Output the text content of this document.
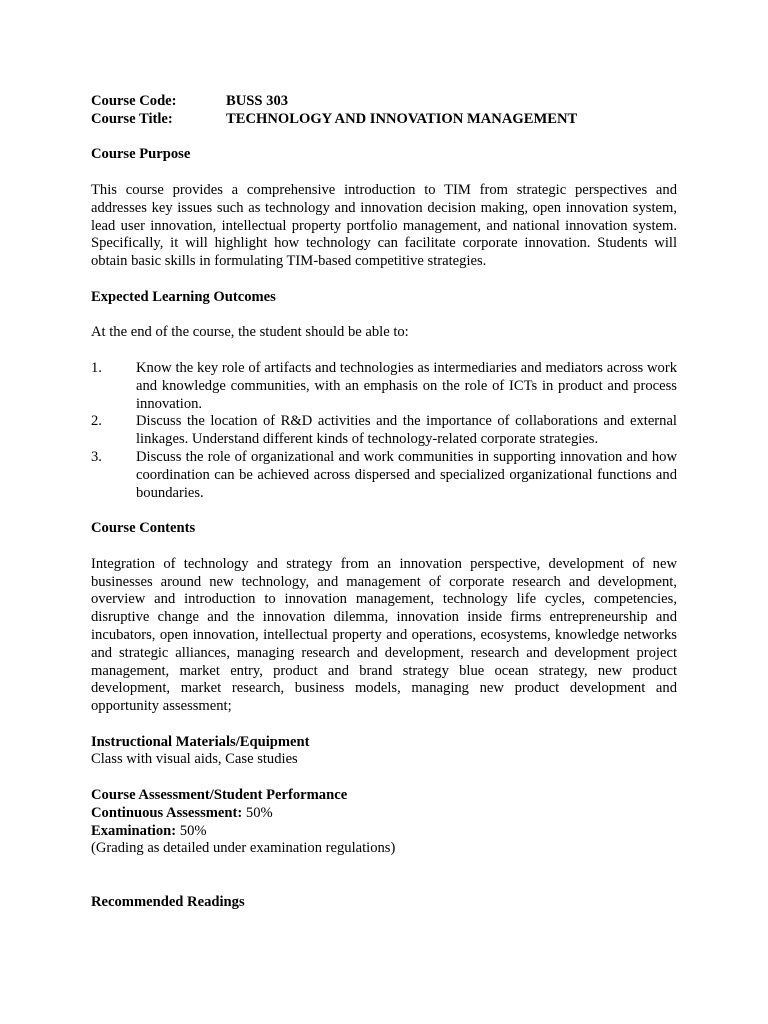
Course Code:	BUSS 303
Course Title:	TECHNOLOGY AND INNOVATION MANAGEMENT
Course Purpose
This course provides a comprehensive introduction to TIM from strategic perspectives and addresses key issues such as technology and innovation decision making, open innovation system, lead user innovation, intellectual property portfolio management, and national innovation system. Specifically, it will highlight how technology can facilitate corporate innovation. Students will obtain basic skills in formulating TIM-based competitive strategies.
Expected Learning Outcomes
At the end of the course, the student should be able to:
1. Know the key role of artifacts and technologies as intermediaries and mediators across work and knowledge communities, with an emphasis on the role of ICTs in product and process innovation.
2. Discuss the location of R&D activities and the importance of collaborations and external linkages. Understand different kinds of technology-related corporate strategies.
3. Discuss the role of organizational and work communities in supporting innovation and how coordination can be achieved across dispersed and specialized organizational functions and boundaries.
Course Contents
Integration of technology and strategy from an innovation perspective, development of new businesses around new technology, and management of corporate research and development, overview and introduction to innovation management, technology life cycles, competencies, disruptive change and the innovation dilemma, innovation inside firms entrepreneurship and incubators, open innovation, intellectual property and operations, ecosystems, knowledge networks and strategic alliances, managing research and development, research and development project management, market entry, product and brand strategy blue ocean strategy, new product development, market research, business models, managing new product development and opportunity assessment;
Instructional Materials/Equipment
Class with visual aids, Case studies
Course Assessment/Student Performance
Continuous Assessment: 50%
Examination: 50%
(Grading as detailed under examination regulations)
Recommended Readings
